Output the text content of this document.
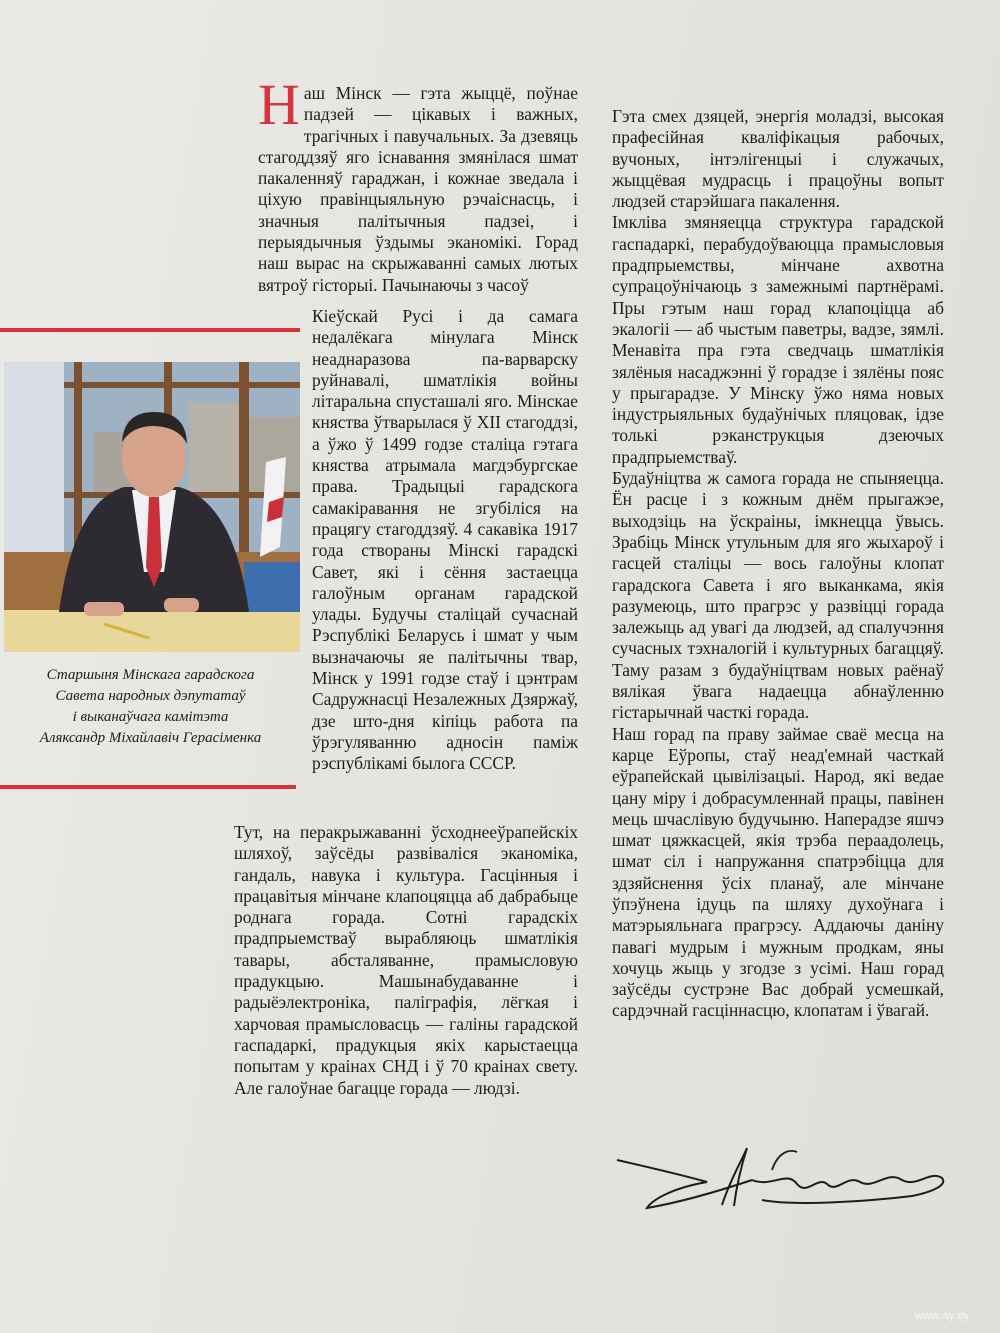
Старшыня Мінскага гарадскога
Савета народных дэпутатаў
і выканаўчага камітэта
Аляксандр Міхайлавіч Герасіменка

Наш Мінск — гэта жыццё, поўнае падзей — цікавых і важных, трагічных і павучальных. За дзевяць стагоддзяў яго існавання змянілася шмат пакаленняў гараджан, і кожнае зведала і ціхую правінцыяльную рэчаіснасць, і значныя палітычныя падзеі, і перыядычныя ўздымы эканомікі. Горад наш вырас на скрыжаванні самых лютых вятроў гісторыі. Пачынаючы з часоў

Кіеўскай Русі і да самага недалёкага мінулага Мінск неаднаразова па-варварску руйнавалі, шматлікія войны літаральна спусташалі яго. Мінскае княства ўтварылася ў XII стагоддзі, а ўжо ў 1499 годзе сталіца гэтага княства атрымала магдэбургскае права. Традыцыі гарадскога самакіравання не згубіліся на працягу стагоддзяў. 4 сакавіка 1917 года створаны Мінскі гарадскі Савет, які і сёння застаецца галоўным органам гарадской улады. Будучы сталіцай сучаснай Рэспублікі Беларусь і шмат у чым вызначаючы яе палітычны твар, Мінск у 1991 годзе стаў і цэнтрам Садружнасці Незалежных Дзяржаў, дзе што-дня кіпіць работа па ўрэгуляванню адносін паміж рэспублікамі былога СССР.

Тут, на перакрыжаванні ўсходнееўрапейскіх шляхоў, заўсёды развіваліся эканоміка, гандаль, навука і культура. Гасцінныя і працавітыя мінчане клапоцяцца аб дабрабыце роднага горада. Сотні гарадскіх прадпрыемстваў вырабляюць шматлікія тавары, абсталяванне, прамысловую прадукцыю. Машынабудаванне і радыёэлектроніка, паліграфія, лёгкая і харчовая прамысловасць — галіны гарадской гаспадаркі, прадукцыя якіх карыстаецца попытам у краінах СНД і ў 70 краінах свету. Але галоўнае багацце горада — людзі.

Гэта смех дзяцей, энергія моладзі, высокая прафесійная кваліфікацыя рабочых, вучоных, інтэлігенцыі і служачых, жыццёвая мудрасць і працоўны вопыт людзей старэйшага пакалення.

Імклівa змяняецца структура гарадской гаспадаркі, перабудоўваюцца прамысловыя прадпрыемствы, мінчане ахвотна супрацоўнічаюць з замежнымі партнёрамі. Пры гэтым наш горад клапоціцца аб экалогіі — аб чыстым паветры, вадзе, зямлі. Менавіта пра гэта сведчаць шматлікія зялёныя насаджэнні ў горадзе і зялёны пояс у прыгарадзе. У Мінску ўжо няма новых індустрыяльных будаўнічых пляцовак, ідзе толькі рэканструкцыя дзеючых прадпрыемстваў.

Будаўніцтва ж самога горада не спыняецца. Ён расце і з кожным днём прыгажэе, выходзіць на ўскраіны, імкнецца ўвысь. Зрабіць Мінск утульным для яго жыхароў і гасцей сталіцы — вось галоўны клопат гарадскога Савета і яго выканкама, якія разумеюць, што прагрэс у развіцці горада залежыць ад увагі да людзей, ад спалучэння сучасных тэхналогій і культурных багаццяў. Таму разам з будаўніцтвам новых раёнаў вялікая ўвага надаецца абнаўленню гістарычнай часткі горада.

Наш горад па праву займае сваё месца на карце Еўропы, стаў неад'емнай часткай еўрапейскай цывілізацыі. Народ, які ведае цану міру і добрасумленнай працы, павінен мець шчаслівую будучыню. Наперадзе яшчэ шмат цяжкасцей, якія трэба пераадолець, шмат сіл і напружання спатрэбіцца для здзяйснення ўсіх планаў, але мінчане ўпэўнена ідуць па шляху духоўнага і матэрыяльнага прагрэсу. Аддаючы даніну павагі мудрым і мужным продкам, яны хочуць жыць у згодзе з усімі. Наш горад заўсёды сустрэне Вас добрай усмешкай, сардэчнай гасціннасцю, клопатам і ўвагай.

www.ay.by
